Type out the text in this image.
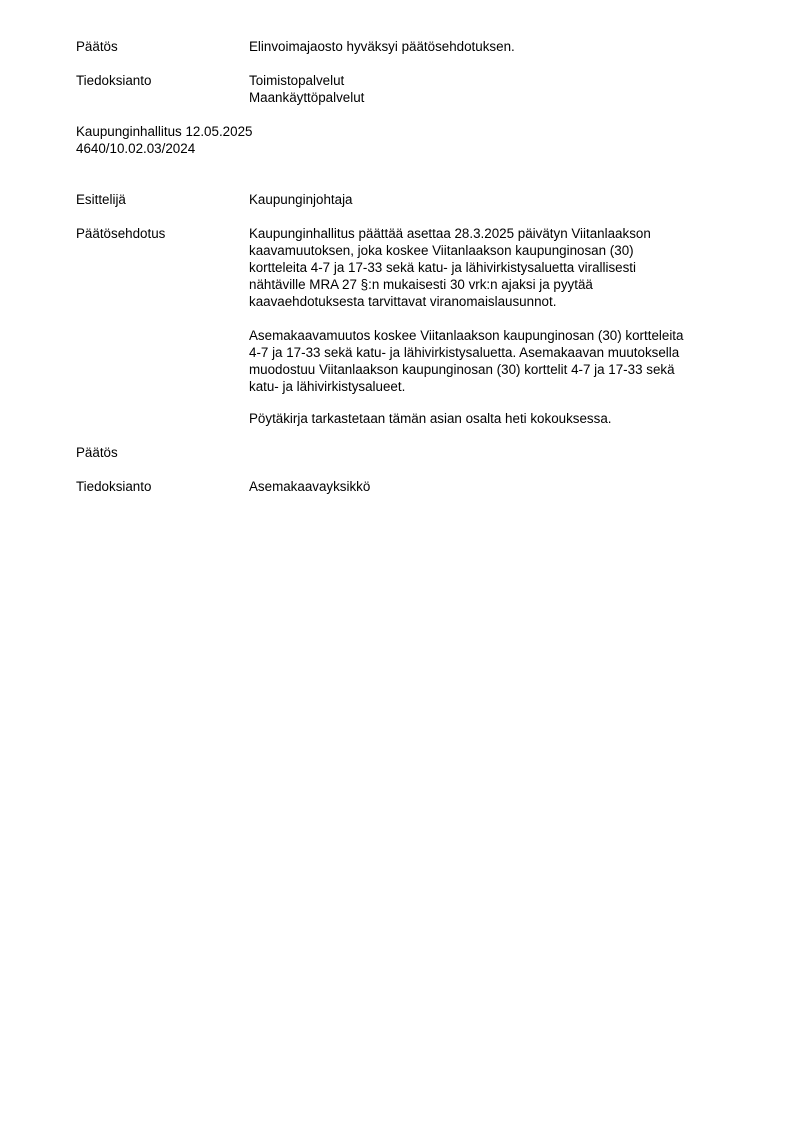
Päätös	Elinvoimajaosto hyväksyi päätösehdotuksen.
Tiedoksianto	Toimistopalvelut
Maankäyttöpalvelut
Kaupunginhallitus 12.05.2025
4640/10.02.03/2024
Esittelijä	Kaupunginjohtaja
Päätösehdotus	Kaupunginhallitus päättää asettaa 28.3.2025 päivätyn Viitanlaakson
kaavamuutoksen, joka koskee Viitanlaakson kaupunginosan (30)
kortteleita 4-7 ja 17-33 sekä katu- ja lähivirkistysaluetta virallisesti
nähtäville MRA 27 §:n mukaisesti 30 vrk:n ajaksi ja pyytää
kaavaehdotuksesta tarvittavat viranomaislausunnot.
Asemakaavamuutos koskee Viitanlaakson kaupunginosan (30) kortteleita
4-7 ja 17-33 sekä katu- ja lähivirkistysaluetta. Asemakaavan muutoksella
muodostuu Viitanlaakson kaupunginosan (30) korttelit 4-7 ja 17-33 sekä
katu- ja lähivirkistysalueet.
Pöytäkirja tarkastetaan tämän asian osalta heti kokouksessa.
Päätös
Tiedoksianto	Asemakaavayksikkö
